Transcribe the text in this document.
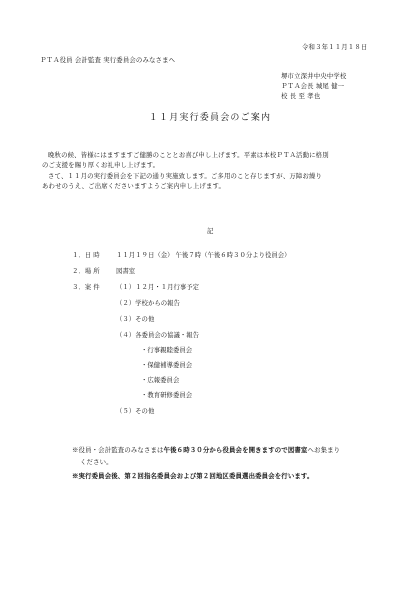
令和３年１１月１８日
ＰＴＡ役員 会計監査 実行委員会のみなさまへ
堺市立深井中央中学校
ＰＴＡ会長 城尾 健一
校 長 至 孝也
１１月実行委員会のご案内
晩秋の候、皆様にはますますご健勝のこととお喜び申し上げます。平素は本校ＰＴＡ活動に格別
のご支援を賜り厚くお礼申し上げます。
さて、１１月の実行委員会を下記の通り実施致します。ご多用のこと存じますが、万障お繰り
あわせのうえ、ご出席くださいますようご案内申し上げます。
記
１．日 時	１１月１９日（金） 午後７時（午後６時３０分より役員会）
２．場 所	図書室
３．案 件	（１）１２月・１月行事予定
（２）学校からの報告
（３）その他
（４）各委員会の協議・報告
・行事親睦委員会
・保健補導委員会
・広報委員会
・教育研修委員会
（５）その他
※役員・会計監査のみなさまは午後６時３０分から役員会を開きますので図書室へお集まり
ください。
※実行委員会後、第２回指名委員会および第２回地区委員選出委員会を行います。
